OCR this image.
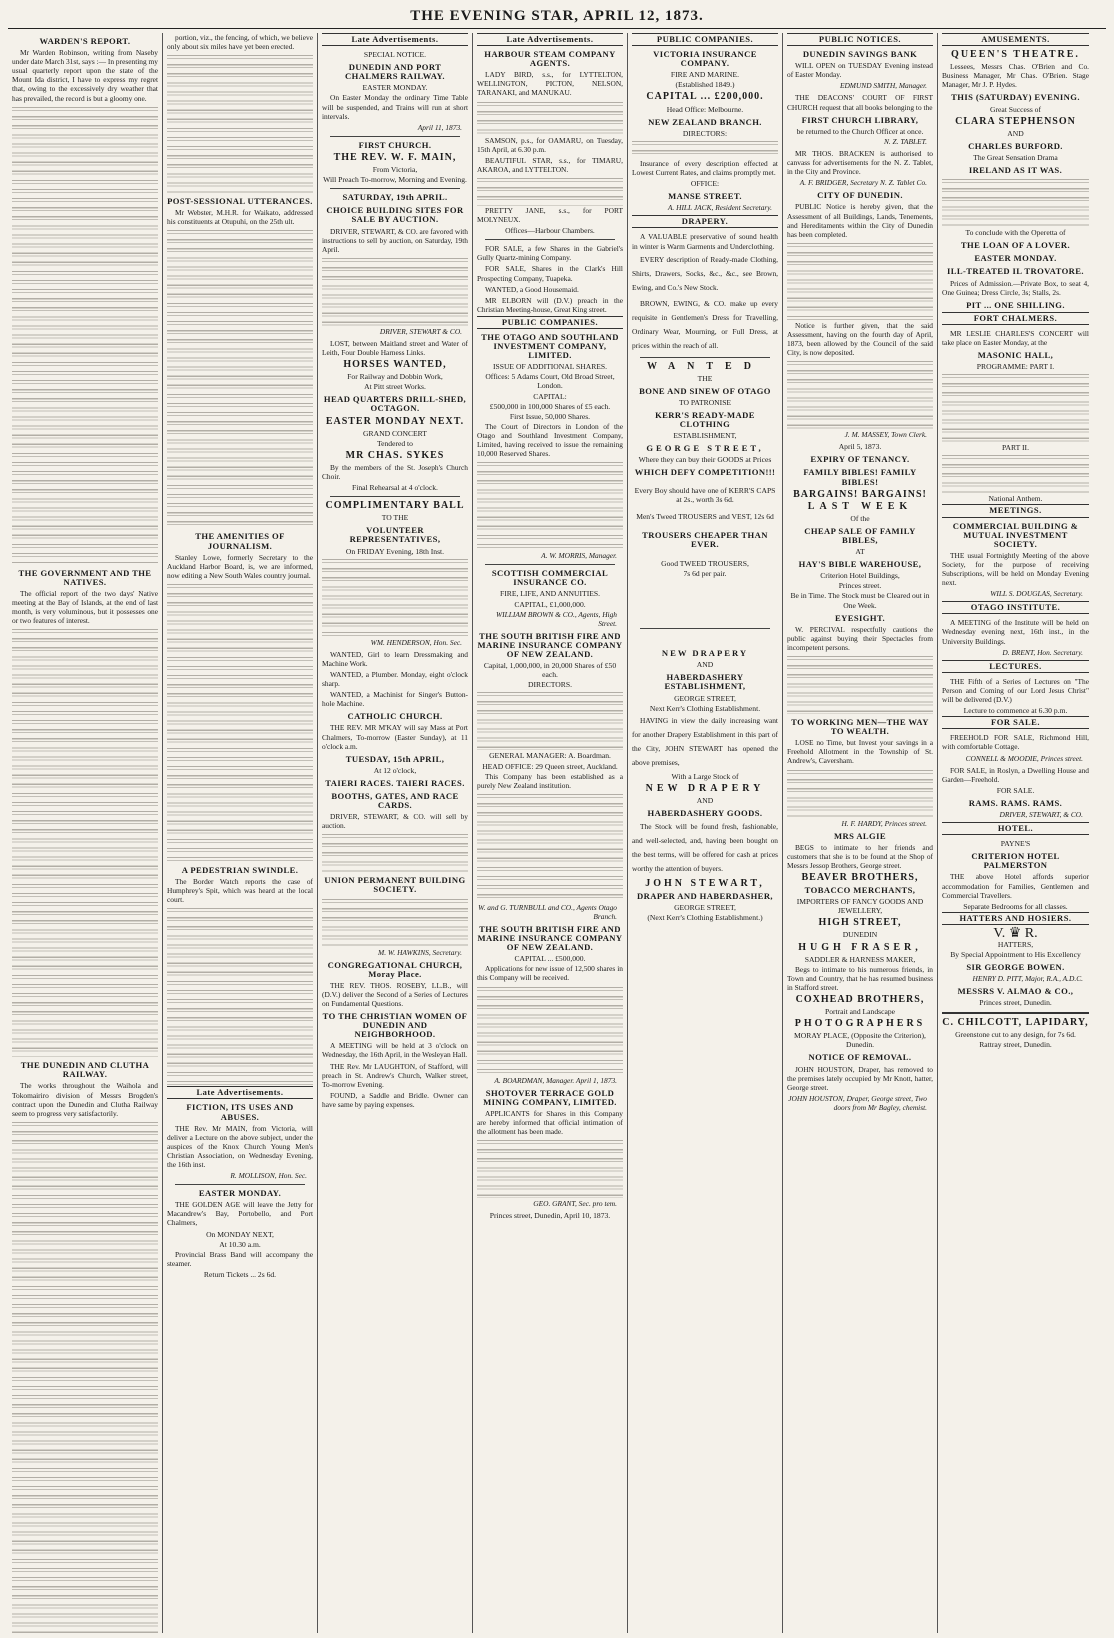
THE EVENING STAR, APRIL 12, 1873.
WARDEN'S REPORT.
Mr Warden Robinson, writing from Naseby under date March 31st, says :— In presenting my usual quarterly report upon the state of the Mount Ida district, I have to express my regret that, owing to the excessively dry weather that has prevailed, the record is but a gloomy one.
THE GOVERNMENT AND THE NATIVES.
The official report of the two days' Native meeting at the Bay of Islands, at the end of last month, is very voluminous, but it possesses one or two features of interest.
THE DUNEDIN AND CLUTHA RAILWAY.
The works throughout the Waihola and Tokomairiro division of Messrs Brogden's contract upon the Dunedin and Clutha Railway seem to progress very satisfactorily.
portion, viz., the fencing, of which, we believe only about six miles have yet been erected.
POST-SESSIONAL UTTERANCES.
Mr Webster, M.H.R. for Waikato, addressed his constituents at Otupuhi, on the 25th ult.
THE AMENITIES OF JOURNALISM.
Stanley Lowe, formerly Secretary to the Auckland Harbor Board, is, we are informed, now editing a New South Wales country journal.
A PEDESTRIAN SWINDLE.
The Border Watch reports the case of Humphrey's Spit, which was heard at the local court.
Late Advertisements.
FICTION, ITS USES AND ABUSES.
THE Rev. Mr MAIN, from Victoria, will deliver a Lecture on the above subject, under the auspices of the Knox Church Young Men's Christian Association, on Wednesday Evening, the 16th inst.
R. MOLLISON, Hon. Sec.
EASTER MONDAY.
THE GOLDEN AGE will leave the Jetty for Macandrew's Bay, Portobello, and Port Chalmers,
On MONDAY NEXT,
At 10.30 a.m.
Provincial Brass Band will accompany the steamer.
Return Tickets ... 2s 6d.
Late Advertisements.
SPECIAL NOTICE.
DUNEDIN AND PORT CHALMERS RAILWAY.
EASTER MONDAY.
On Easter Monday the ordinary Time Table will be suspended, and Trains will run at short intervals.
April 11, 1873.
FIRST CHURCH.
THE REV. W. F. MAIN,
From Victoria,
Will Preach To-morrow, Morning and Evening.
SATURDAY, 19th APRIL.
CHOICE BUILDING SITES FOR SALE BY AUCTION.
DRIVER, STEWART, & CO. are favored with instructions to sell by auction, on Saturday, 19th April.
DRIVER, STEWART & CO.
LOST, between Maitland street and Water of Leith, Four Double Harness Links.
HORSES WANTED,
For Railway and Dobbin Work,
At Pitt street Works.
HEAD QUARTERS DRILL-SHED, OCTAGON.
EASTER MONDAY NEXT.
GRAND CONCERT
Tendered to
MR CHAS. SYKES
By the members of the St. Joseph's Church Choir.
Final Rehearsal at 4 o'clock.
COMPLIMENTARY BALL
TO THE
VOLUNTEER REPRESENTATIVES,
On FRIDAY Evening, 18th Inst.
WM. HENDERSON, Hon. Sec.
WANTED, Girl to learn Dressmaking and Machine Work.
WANTED, a Plumber. Monday, eight o'clock sharp.
WANTED, a Machinist for Singer's Button-hole Machine.
CATHOLIC CHURCH.
THE REV. MR M'KAY will say Mass at Port Chalmers, To-morrow (Easter Sunday), at 11 o'clock a.m.
TUESDAY, 15th APRIL,
At 12 o'clock,
TAIERI RACES. TAIERI RACES.
BOOTHS, GATES, AND RACE CARDS.
DRIVER, STEWART, & CO. will sell by auction.
UNION PERMANENT BUILDING SOCIETY.
M. W. HAWKINS, Secretary.
CONGREGATIONAL CHURCH, Moray Place.
THE REV. THOS. ROSEBY, LL.B., will (D.V.) deliver the Second of a Series of Lectures on Fundamental Questions.
TO THE CHRISTIAN WOMEN OF DUNEDIN AND NEIGHBORHOOD.
A MEETING will be held at 3 o'clock on Wednesday, the 16th April, in the Wesleyan Hall.
THE Rev. Mr LAUGHTON, of Stafford, will preach in St. Andrew's Church, Walker street, To-morrow Evening.
FOUND, a Saddle and Bridle. Owner can have same by paying expenses.
Late Advertisements.
HARBOUR STEAM COMPANY AGENTS.
LADY BIRD, s.s., for LYTTELTON, WELLINGTON, PICTON, NELSON, TARANAKI, and MANUKAU.
SAMSON, p.s., for OAMARU, on Tuesday, 15th April, at 6.30 p.m.
BEAUTIFUL STAR, s.s., for TIMARU, AKAROA, and LYTTELTON.
PRETTY JANE, s.s., for PORT MOLYNEUX.
Offices—Harbour Chambers.
FOR SALE, a few Shares in the Gabriel's Gully Quartz-mining Company.
FOR SALE, Shares in the Clark's Hill Prospecting Company, Tuapeka.
WANTED, a Good Housemaid.
MR ELBORN will (D.V.) preach in the Christian Meeting-house, Great King street.
PUBLIC COMPANIES.
THE OTAGO AND SOUTHLAND INVESTMENT COMPANY, LIMITED.
ISSUE OF ADDITIONAL SHARES.
Offices: 5 Adams Court, Old Broad Street, London.
CAPITAL:
£500,000 in 100,000 Shares of £5 each.
First Issue, 50,000 Shares.
The Court of Directors in London of the Otago and Southland Investment Company, Limited, having received to issue the remaining 10,000 Reserved Shares.
A. W. MORRIS, Manager.
SCOTTISH COMMERCIAL INSURANCE CO.
FIRE, LIFE, AND ANNUITIES.
CAPITAL, £1,000,000.
WILLIAM BROWN & CO., Agents, High Street.
THE SOUTH BRITISH FIRE AND MARINE INSURANCE COMPANY OF NEW ZEALAND.
Capital, 1,000,000, in 20,000 Shares of £50 each.
DIRECTORS.
GENERAL MANAGER: A. Boardman.
HEAD OFFICE: 29 Queen street, Auckland.
This Company has been established as a purely New Zealand institution.
W. and G. TURNBULL and CO., Agents Otago Branch.
THE SOUTH BRITISH FIRE AND MARINE INSURANCE COMPANY OF NEW ZEALAND.
CAPITAL ... £500,000.
Applications for new issue of 12,500 shares in this Company will be received.
A. BOARDMAN, Manager. April 1, 1873.
SHOTOVER TERRACE GOLD MINING COMPANY, LIMITED.
APPLICANTS for Shares in this Company are hereby informed that official intimation of the allotment has been made.
GEO. GRANT, Sec. pro tem.
Princes street, Dunedin, April 10, 1873.
PUBLIC COMPANIES.
VICTORIA INSURANCE COMPANY.
FIRE AND MARINE.
(Established 1849.)
CAPITAL ... £200,000.
Head Office: Melbourne.
NEW ZEALAND BRANCH.
DIRECTORS:
Insurance of every description effected at Lowest Current Rates, and claims promptly met.
OFFICE:
MANSE STREET.
A. HILL JACK, Resident Secretary.
DRAPERY.
A VALUABLE preservative of sound health in winter is Warm Garments and Underclothing.
EVERY description of Ready-made Clothing, Shirts, Drawers, Socks, &c., &c., see Brown, Ewing, and Co.'s New Stock.
BROWN, EWING, & CO. make up every requisite in Gentlemen's Dress for Travelling, Ordinary Wear, Mourning, or Full Dress, at prices within the reach of all.
WANTED
THE
BONE AND SINEW OF OTAGO
TO PATRONISE
KERR'S READY-MADE CLOTHING
ESTABLISHMENT,
GEORGE STREET,
Where they can buy their GOODS at Prices
WHICH DEFY COMPETITION!!!
Every Boy should have one of KERR'S CAPS at 2s., worth 3s 6d.
Men's Tweed TROUSERS and VEST, 12s 6d
TROUSERS CHEAPER THAN EVER.
Good TWEED TROUSERS,
7s 6d per pair.
NEW DRAPERY
AND
HABERDASHERY ESTABLISHMENT,
GEORGE STREET,
Next Kerr's Clothing Establishment.
HAVING in view the daily increasing want for another Drapery Establishment in this part of the City, JOHN STEWART has opened the above premises,
With a Large Stock of
NEW DRAPERY
AND
HABERDASHERY GOODS.
The Stock will be found fresh, fashionable, and well-selected, and, having been bought on the best terms, will be offered for cash at prices worthy the attention of buyers.
JOHN STEWART,
DRAPER AND HABERDASHER,
GEORGE STREET,
(Next Kerr's Clothing Establishment.)
PUBLIC NOTICES.
DUNEDIN SAVINGS BANK
WILL OPEN on TUESDAY Evening instead of Easter Monday.
EDMUND SMITH, Manager.
THE DEACONS' COURT OF FIRST CHURCH request that all books belonging to the
FIRST CHURCH LIBRARY,
be returned to the Church Officer at once.
N. Z. TABLET.
MR THOS. BRACKEN is authorised to canvass for advertisements for the N. Z. Tablet, in the City and Province.
A. F. BRIDGER, Secretary N. Z. Tablet Co.
CITY OF DUNEDIN.
PUBLIC Notice is hereby given, that the Assessment of all Buildings, Lands, Tenements, and Hereditaments within the City of Dunedin has been completed.
Notice is further given, that the said Assessment, having on the fourth day of April, 1873, been allowed by the Council of the said City, is now deposited.
J. M. MASSEY, Town Clerk.
April 5, 1873.
EXPIRY OF TENANCY.
FAMILY BIBLES! FAMILY BIBLES!
BARGAINS! BARGAINS!
LAST WEEK
Of the
CHEAP SALE OF FAMILY BIBLES,
AT
HAY'S BIBLE WAREHOUSE,
Criterion Hotel Buildings,
Princes street.
Be in Time. The Stock must be Cleared out in One Week.
EYESIGHT.
W. PERCIVAL respectfully cautions the public against buying their Spectacles from incompetent persons.
TO WORKING MEN—THE WAY TO WEALTH.
LOSE no Time, but Invest your savings in a Freehold Allotment in the Township of St. Andrew's, Caversham.
H. F. HARDY, Princes street.
MRS ALGIE
BEGS to intimate to her friends and customers that she is to be found at the Shop of Messrs Jessop Brothers, George street.
BEAVER BROTHERS,
TOBACCO MERCHANTS,
IMPORTERS OF FANCY GOODS AND JEWELLERY,
HIGH STREET,
DUNEDIN
HUGH FRASER,
SADDLER & HARNESS MAKER,
Begs to intimate to his numerous friends, in Town and Country, that he has resumed business in Stafford street.
COXHEAD BROTHERS,
Portrait and Landscape
PHOTOGRAPHERS
MORAY PLACE, (Opposite the Criterion), Dunedin.
NOTICE OF REMOVAL.
JOHN HOUSTON, Draper, has removed to the premises lately occupied by Mr Knott, hatter, George street.
JOHN HOUSTON, Draper, George street, Two doors from Mr Bagley, chemist.
AMUSEMENTS.
QUEEN'S THEATRE.
Lessees, Messrs Chas. O'Brien and Co. Business Manager, Mr Chas. O'Brien. Stage Manager, Mr J. P. Hydes.
THIS (SATURDAY) EVENING.
Great Success of
CLARA STEPHENSON
AND
CHARLES BURFORD.
The Great Sensation Drama
IRELAND AS IT WAS.
To conclude with the Operetta of
THE LOAN OF A LOVER.
EASTER MONDAY.
ILL-TREATED IL TROVATORE.
Prices of Admission.—Private Box, to seat 4, One Guinea; Dress Circle, 3s; Stalls, 2s.
PIT ... ONE SHILLING.
FORT CHALMERS.
MR LESLIE CHARLES'S CONCERT will take place on Easter Monday, at the
MASONIC HALL,
PROGRAMME: PART I.
PART II.
National Anthem.
MEETINGS.
COMMERCIAL BUILDING & MUTUAL INVESTMENT SOCIETY.
THE usual Fortnightly Meeting of the above Society, for the purpose of receiving Subscriptions, will be held on Monday Evening next.
WILL S. DOUGLAS, Secretary.
OTAGO INSTITUTE.
A MEETING of the Institute will be held on Wednesday evening next, 16th inst., in the University Buildings.
D. BRENT, Hon. Secretary.
LECTURES.
THE Fifth of a Series of Lectures on "The Person and Coming of our Lord Jesus Christ" will be delivered (D.V.)
Lecture to commence at 6.30 p.m.
FOR SALE.
FREEHOLD FOR SALE, Richmond Hill, with comfortable Cottage.
CONNELL & MOODIE, Princes street.
FOR SALE, in Roslyn, a Dwelling House and Garden—Freehold.
FOR SALE.
RAMS. RAMS. RAMS.
DRIVER, STEWART, & CO.
HOTEL.
PAYNE'S
CRITERION HOTEL PALMERSTON
THE above Hotel affords superior accommodation for Families, Gentlemen and Commercial Travellers.
Separate Bedrooms for all classes.
HATTERS AND HOSIERS.
V. ♛ R.
HATTERS,
By Special Appointment to His Excellency
SIR GEORGE BOWEN.
HENRY D. PITT, Major, R.A., A.D.C.
MESSRS V. ALMAO & CO.,
Princes street, Dunedin.
C. CHILCOTT, LAPIDARY,
Greenstone cut to any design, for 7s 6d.
Rattray street, Dunedin.
